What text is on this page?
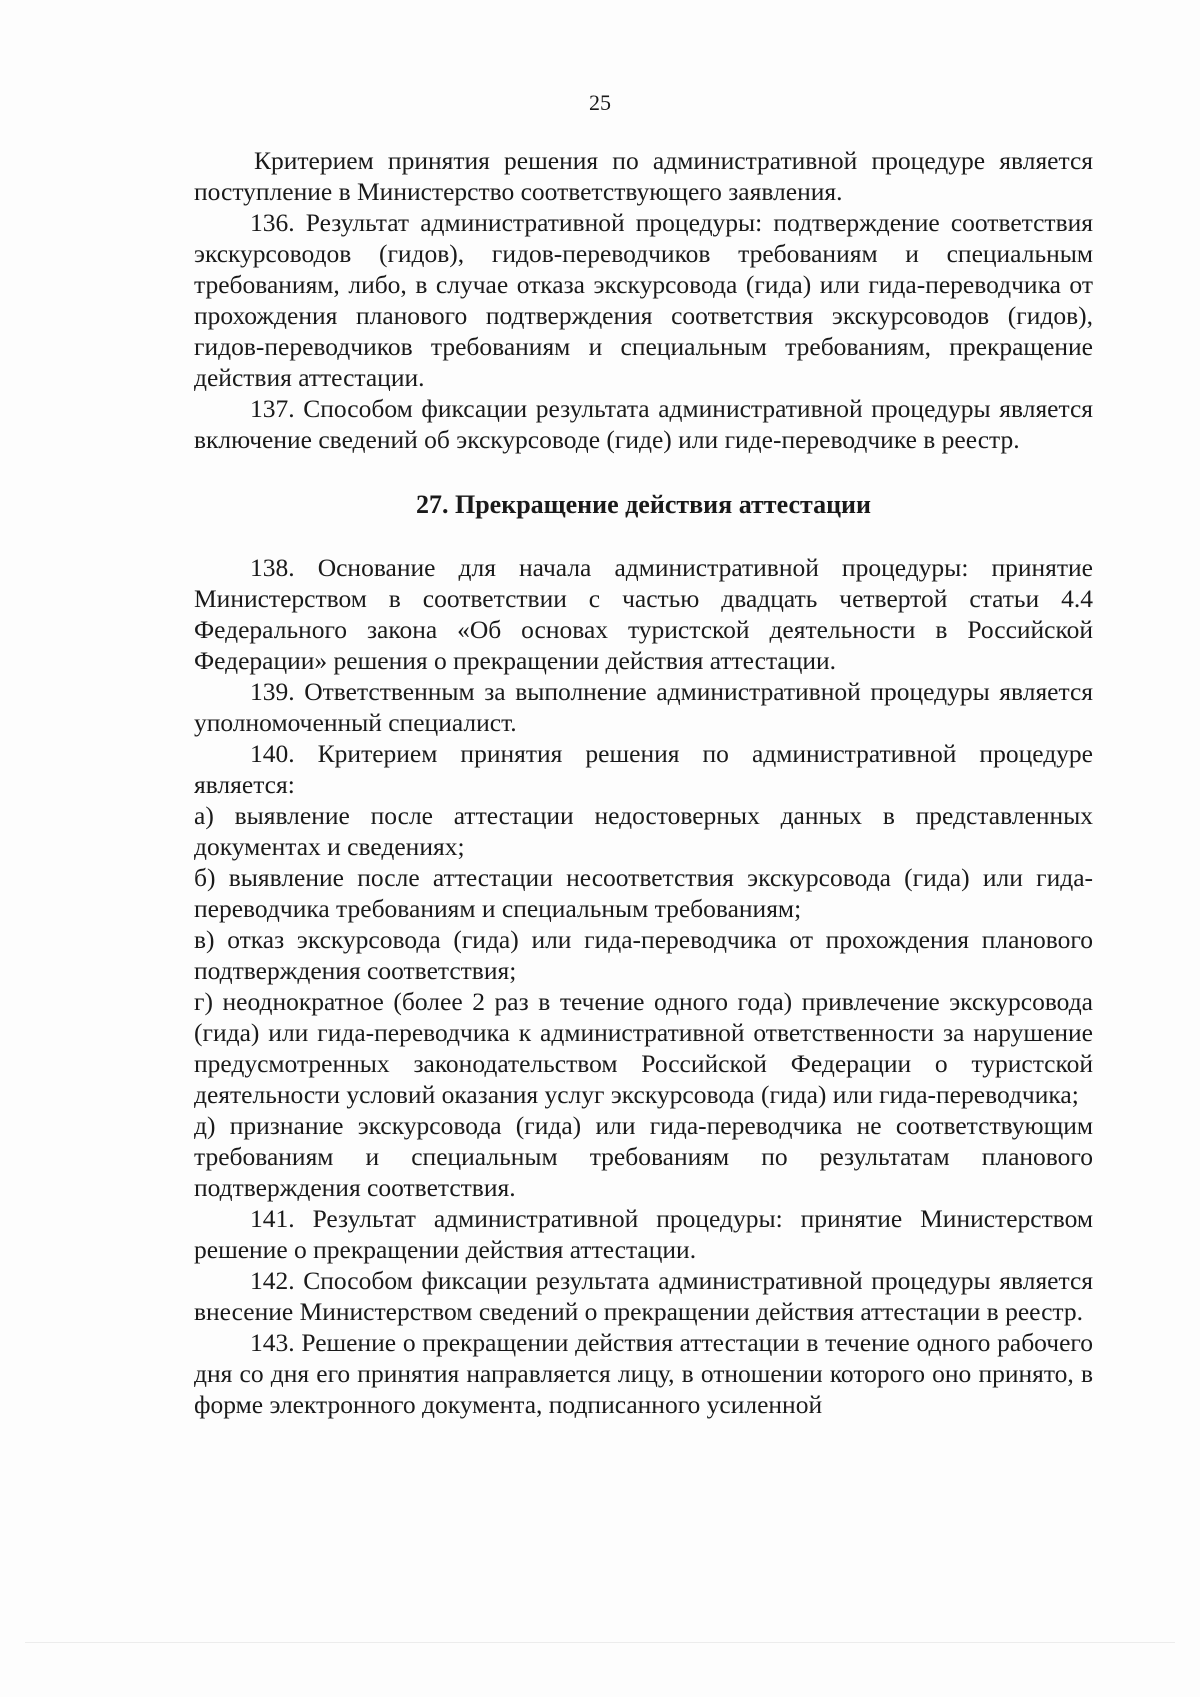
25

Критерием принятия решения по административной процедуре является поступление в Министерство соответствующего заявления.

136. Результат административной процедуры: подтверждение соответствия экскурсоводов (гидов), гидов-переводчиков требованиям и специальным требованиям, либо, в случае отказа экскурсовода (гида) или гида-переводчика от прохождения планового подтверждения соответствия экскурсоводов (гидов), гидов-переводчиков требованиям и специальным требованиям, прекращение действия аттестации.

137. Способом фиксации результата административной процедуры является включение сведений об экскурсоводе (гиде) или гиде-переводчике в реестр.

27. Прекращение действия аттестации

138. Основание для начала административной процедуры: принятие Министерством в соответствии с частью двадцать четвертой статьи 4.4 Федерального закона «Об основах туристской деятельности в Российской Федерации» решения о прекращении действия аттестации.

139. Ответственным за выполнение административной процедуры является уполномоченный специалист.

140. Критерием принятия решения по административной процедуре является:

а) выявление после аттестации недостоверных данных в представленных документах и сведениях;

б) выявление после аттестации несоответствия экскурсовода (гида) или гида-переводчика требованиям и специальным требованиям;

в) отказ экскурсовода (гида) или гида-переводчика от прохождения планового подтверждения соответствия;

г) неоднократное (более 2 раз в течение одного года) привлечение экскурсовода (гида) или гида-переводчика к административной ответственности за нарушение предусмотренных законодательством Российской Федерации о туристской деятельности условий оказания услуг экскурсовода (гида) или гида-переводчика;

д) признание экскурсовода (гида) или гида-переводчика не соответствующим требованиям и специальным требованиям по результатам планового подтверждения соответствия.

141. Результат административной процедуры: принятие Министерством решение о прекращении действия аттестации.

142. Способом фиксации результата административной процедуры является внесение Министерством сведений о прекращении действия аттестации в реестр.

143. Решение о прекращении действия аттестации в течение одного рабочего дня со дня его принятия направляется лицу, в отношении которого оно принято, в форме электронного документа, подписанного усиленной
